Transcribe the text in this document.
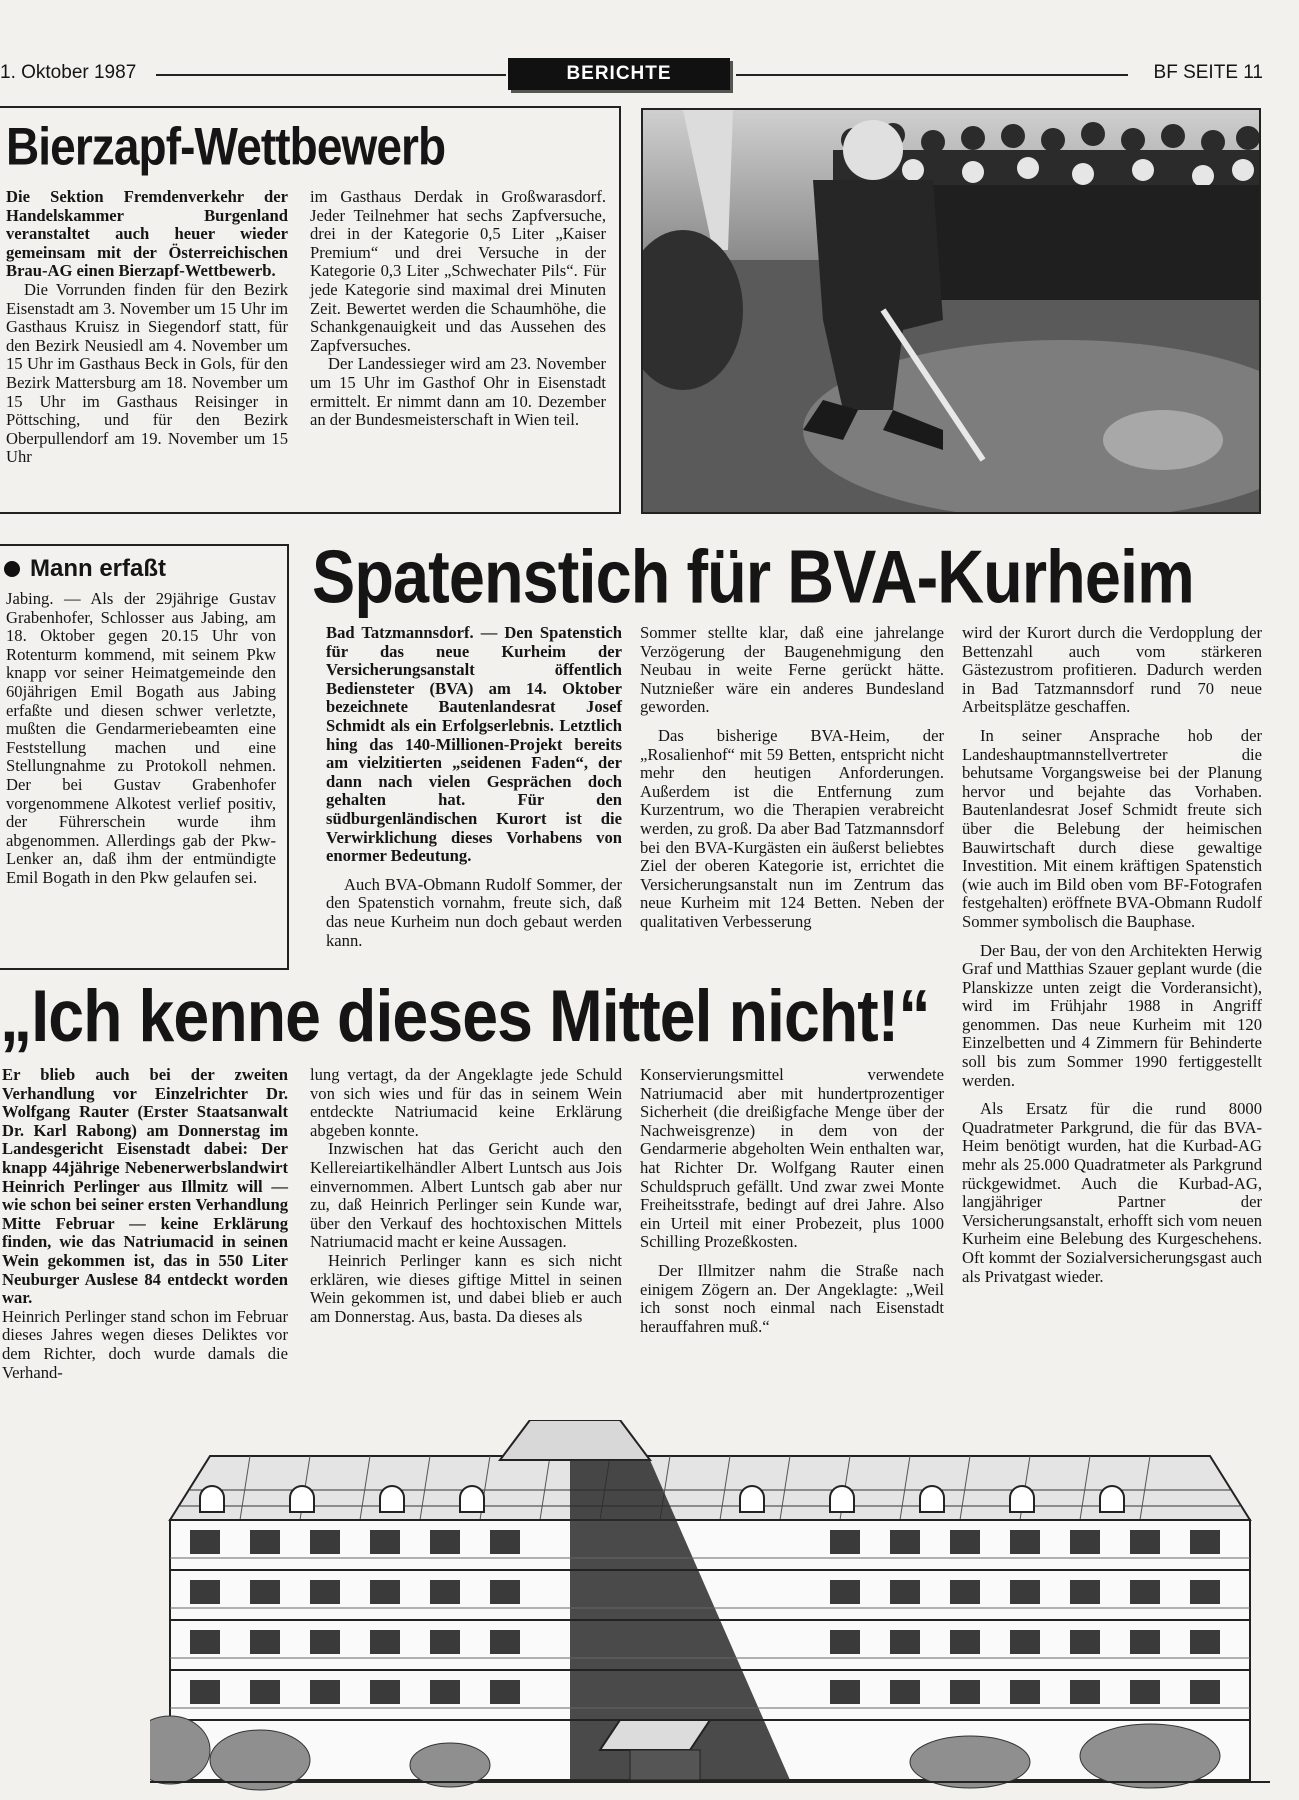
1. Oktober 1987	BERICHTE	BF SEITE 11
Bierzapf-Wettbewerb

Die Sektion Fremdenverkehr der Handelskammer Burgenland veranstaltet auch heuer wieder gemeinsam mit der Österreichischen Brau-AG einen Bierzapf-Wettbewerb.

Die Vorrunden finden für den Bezirk Eisenstadt am 3. November um 15 Uhr im Gasthaus Kruisz in Siegendorf statt, für den Bezirk Neusiedl am 4. November um 15 Uhr im Gasthaus Beck in Gols, für den Bezirk Mattersburg am 18. November um 15 Uhr im Gasthaus Reisinger in Pöttsching, und für den Bezirk Oberpullendorf am 19. November um 15 Uhr

im Gasthaus Derdak in Großwarasdorf. Jeder Teilnehmer hat sechs Zapfversuche, drei in der Kategorie 0,5 Liter „Kaiser Premium“ und drei Versuche in der Kategorie 0,3 Liter „Schwechater Pils“. Für jede Kategorie sind maximal drei Minuten Zeit. Bewertet werden die Schaumhöhe, die Schankgenauigkeit und das Aussehen des Zapfversuches.

Der Landessieger wird am 23. November um 15 Uhr im Gasthof Ohr in Eisenstadt ermittelt. Er nimmt dann am 10. Dezember an der Bundesmeisterschaft in Wien teil.

Mann erfaßt

Jabing. — Als der 29jährige Gustav Grabenhofer, Schlosser aus Jabing, am 18. Oktober gegen 20.15 Uhr von Rotenturm kommend, mit seinem Pkw knapp vor seiner Heimatgemeinde den 60jährigen Emil Bogath aus Jabing erfaßte und diesen schwer verletzte, mußten die Gendarmeriebeamten eine Feststellung machen und eine Stellungnahme zu Protokoll nehmen. Der bei Gustav Grabenhofer vorgenommene Alkotest verlief positiv, der Führerschein wurde ihm abgenommen. Allerdings gab der Pkw-Lenker an, daß ihm der entmündigte Emil Bogath in den Pkw gelaufen sei.

Spatenstich für BVA-Kurheim

Bad Tatzmannsdorf. — Den Spatenstich für das neue Kurheim der Versicherungsanstalt öffentlich Bediensteter (BVA) am 14. Oktober bezeichnete Bautenlandesrat Josef Schmidt als ein Erfolgserlebnis. Letztlich hing das 140-Millionen-Projekt bereits am vielzitierten „seidenen Faden“, der dann nach vielen Gesprächen doch gehalten hat. Für den südburgenländischen Kurort ist die Verwirklichung dieses Vorhabens von enormer Bedeutung.

Auch BVA-Obmann Rudolf Sommer, der den Spatenstich vornahm, freute sich, daß das neue Kurheim nun doch gebaut werden kann.

Sommer stellte klar, daß eine jahrelange Verzögerung der Baugenehmigung den Neubau in weite Ferne gerückt hätte. Nutznießer wäre ein anderes Bundesland geworden.

Das bisherige BVA-Heim, der „Rosalienhof“ mit 59 Betten, entspricht nicht mehr den heutigen Anforderungen. Außerdem ist die Entfernung zum Kurzentrum, wo die Therapien verabreicht werden, zu groß. Da aber Bad Tatzmannsdorf bei den BVA-Kurgästen ein äußerst beliebtes Ziel der oberen Kategorie ist, errichtet die Versicherungsanstalt nun im Zentrum das neue Kurheim mit 124 Betten. Neben der qualitativen Verbesserung

wird der Kurort durch die Verdopplung der Bettenzahl auch vom stärkeren Gästezustrom profitieren. Dadurch werden in Bad Tatzmannsdorf rund 70 neue Arbeitsplätze geschaffen.

In seiner Ansprache hob der Landeshauptmannstellvertreter die behutsame Vorgangsweise bei der Planung hervor und bejahte das Vorhaben. Bautenlandesrat Josef Schmidt freute sich über die Belebung der heimischen Bauwirtschaft durch diese gewaltige Investition. Mit einem kräftigen Spatenstich (wie auch im Bild oben vom BF-Fotografen festgehalten) eröffnete BVA-Obmann Rudolf Sommer symbolisch die Bauphase.

Der Bau, der von den Architekten Herwig Graf und Matthias Szauer geplant wurde (die Planskizze unten zeigt die Vorderansicht), wird im Frühjahr 1988 in Angriff genommen. Das neue Kurheim mit 120 Einzelbetten und 4 Zimmern für Behinderte soll bis zum Sommer 1990 fertiggestellt werden.

Als Ersatz für die rund 8000 Quadratmeter Parkgrund, die für das BVA-Heim benötigt wurden, hat die Kurbad-AG mehr als 25.000 Quadratmeter als Parkgrund rückgewidmet. Auch die Kurbad-AG, langjähriger Partner der Versicherungsanstalt, erhofft sich vom neuen Kurheim eine Belebung des Kurgeschehens. Oft kommt der Sozialversicherungsgast auch als Privatgast wieder.

„Ich kenne dieses Mittel nicht!“

Er blieb auch bei der zweiten Verhandlung vor Einzelrichter Dr. Wolfgang Rauter (Erster Staatsanwalt Dr. Karl Rabong) am Donnerstag im Landesgericht Eisenstadt dabei: Der knapp 44jährige Nebenerwerbslandwirt Heinrich Perlinger aus Illmitz will — wie schon bei seiner ersten Verhandlung Mitte Februar — keine Erklärung finden, wie das Natriumacid in seinen Wein gekommen ist, das in 550 Liter Neuburger Auslese 84 entdeckt worden war.

Heinrich Perlinger stand schon im Februar dieses Jahres wegen dieses Deliktes vor dem Richter, doch wurde damals die Verhand-

lung vertagt, da der Angeklagte jede Schuld von sich wies und für das in seinem Wein entdeckte Natriumacid keine Erklärung abgeben konnte.

Inzwischen hat das Gericht auch den Kellereiartikelhändler Albert Luntsch aus Jois einvernommen. Albert Luntsch gab aber nur zu, daß Heinrich Perlinger sein Kunde war, über den Verkauf des hochtoxischen Mittels Natriumacid macht er keine Aussagen.

Heinrich Perlinger kann es sich nicht erklären, wie dieses giftige Mittel in seinen Wein gekommen ist, und dabei blieb er auch am Donnerstag. Aus, basta. Da dieses als

Konservierungsmittel verwendete Natriumacid aber mit hundertprozentiger Sicherheit (die dreißigfache Menge über der Nachweisgrenze) in dem von der Gendarmerie abgeholten Wein enthalten war, hat Richter Dr. Wolfgang Rauter einen Schuldspruch gefällt. Und zwar zwei Monte Freiheitsstrafe, bedingt auf drei Jahre. Also ein Urteil mit einer Probezeit, plus 1000 Schilling Prozeßkosten.

Der Illmitzer nahm die Straße nach einigem Zögern an. Der Angeklagte: „Weil ich sonst noch einmal nach Eisenstadt herauffahren muß.“
